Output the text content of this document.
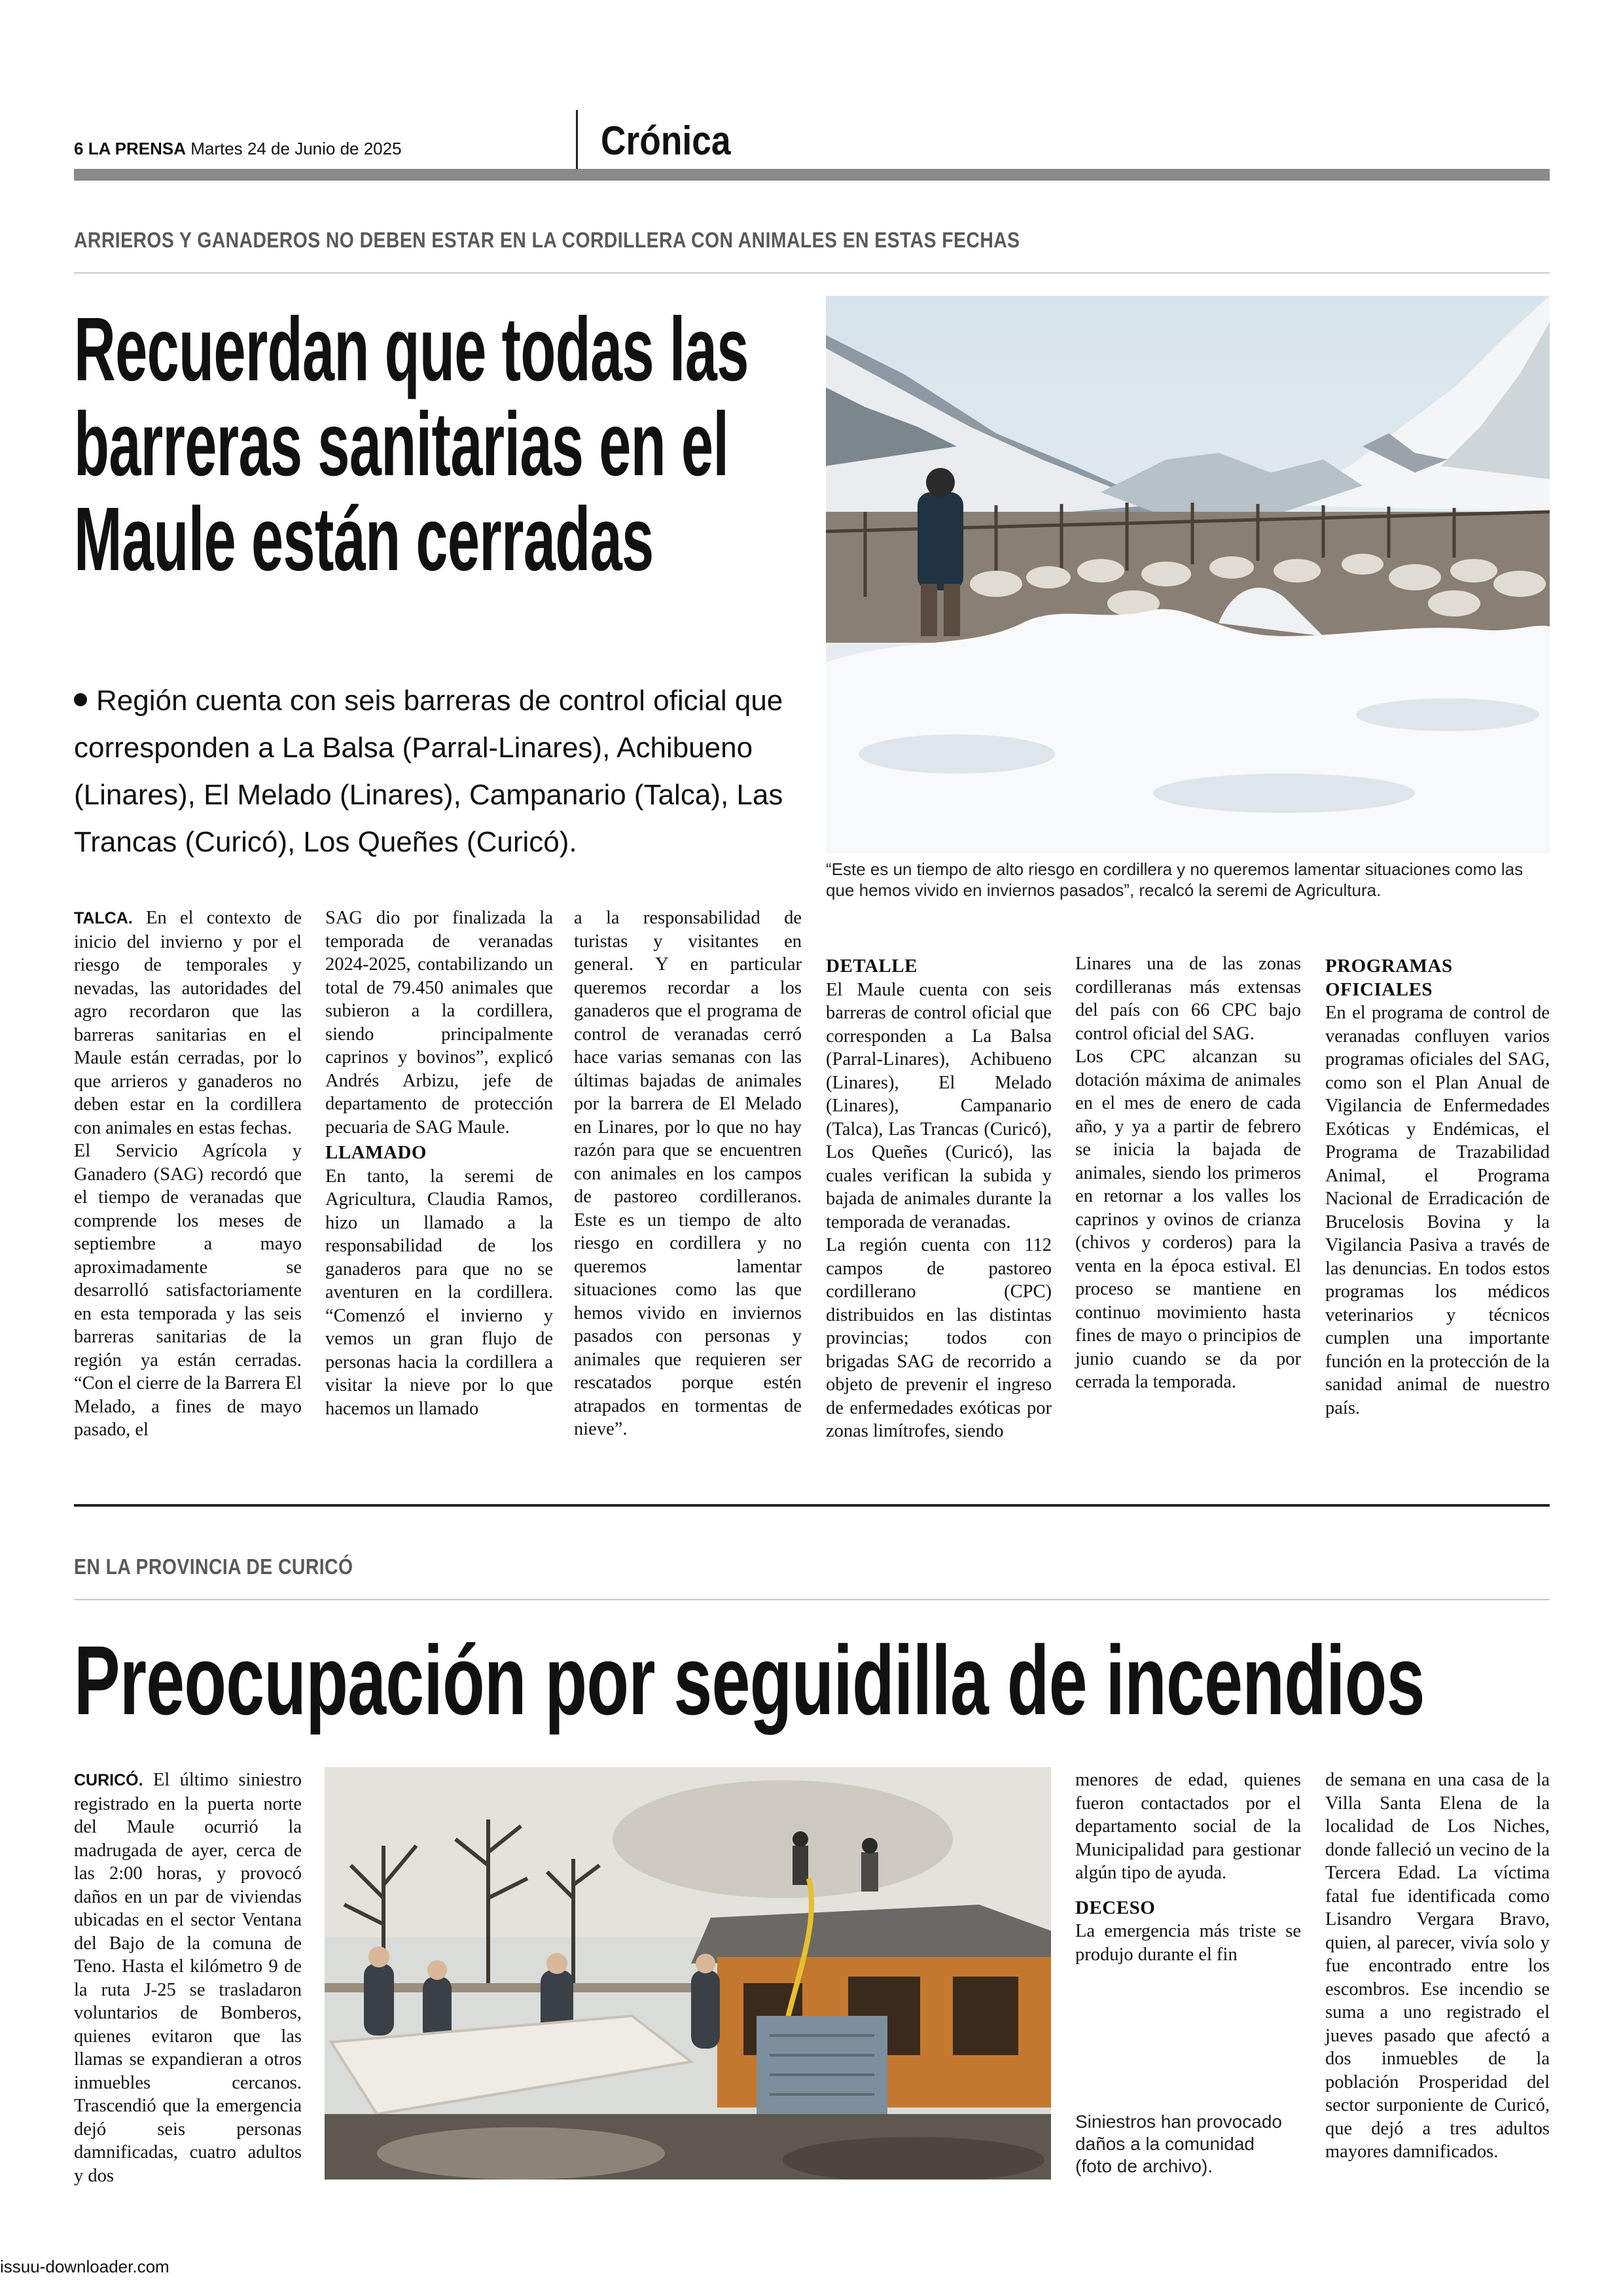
6 LA PRENSA Martes 24 de Junio de 2025	Crónica
ARRIEROS Y GANADEROS NO DEBEN ESTAR EN LA CORDILLERA CON ANIMALES EN ESTAS FECHAS
Recuerdan que todas las
barreras sanitarias en el
Maule están cerradas
Región cuenta con seis barreras de control oficial que corresponden a La Balsa (Parral-Linares), Achibueno (Linares), El Melado (Linares), Campanario (Talca), Las Trancas (Curicó), Los Queñes (Curicó).
“Este es un tiempo de alto riesgo en cordillera y no queremos lamentar situaciones como las que hemos vivido en inviernos pasados”, recalcó la seremi de Agricultura.

TALCA. En el contexto de inicio del invierno y por el riesgo de temporales y nevadas, las autoridades del agro recordaron que las barreras sanitarias en el Maule están cerradas, por lo que arrieros y ganaderos no deben estar en la cordillera con animales en estas fechas.

El Servicio Agrícola y Ganadero (SAG) recordó que el tiempo de veranadas que comprende los meses de septiembre a mayo aproximadamente se desarrolló satisfactoriamente en esta temporada y las seis barreras sanitarias de la región ya están cerradas. “Con el cierre de la Barrera El Melado, a fines de mayo pasado, el

SAG dio por finalizada la temporada de veranadas 2024-2025, contabilizando un total de 79.450 animales que subieron a la cordillera, siendo principalmente caprinos y bovinos”, explicó Andrés Arbizu, jefe de departamento de protección pecuaria de SAG Maule.

LLAMADO

En tanto, la seremi de Agricultura, Claudia Ramos, hizo un llamado a la responsabilidad de los ganaderos para que no se aventuren en la cordillera. “Comenzó el invierno y vemos un gran flujo de personas hacia la cordillera a visitar la nieve por lo que hacemos un llamado

a la responsabilidad de turistas y visitantes en general. Y en particular queremos recordar a los ganaderos que el programa de control de veranadas cerró hace varias semanas con las últimas bajadas de animales por la barrera de El Melado en Linares, por lo que no hay razón para que se encuentren con animales en los campos de pastoreo cordilleranos. Este es un tiempo de alto riesgo en cordillera y no queremos lamentar situaciones como las que hemos vivido en inviernos pasados con personas y animales que requieren ser rescatados porque estén atrapados en tormentas de nieve”.

DETALLE

El Maule cuenta con seis barreras de control oficial que corresponden a La Balsa (Parral-Linares), Achibueno (Linares), El Melado (Linares), Campanario (Talca), Las Trancas (Curicó), Los Queñes (Curicó), las cuales verifican la subida y bajada de animales durante la temporada de veranadas.

La región cuenta con 112 campos de pastoreo cordillerano (CPC) distribuidos en las distintas provincias; todos con brigadas SAG de recorrido a objeto de prevenir el ingreso de enfermedades exóticas por zonas limítrofes, siendo

Linares una de las zonas cordilleranas más extensas del país con 66 CPC bajo control oficial del SAG.

Los CPC alcanzan su dotación máxima de animales en el mes de enero de cada año, y ya a partir de febrero se inicia la bajada de animales, siendo los primeros en retornar a los valles los caprinos y ovinos de crianza (chivos y corderos) para la venta en la época estival. El proceso se mantiene en continuo movimiento hasta fines de mayo o principios de junio cuando se da por cerrada la temporada.

PROGRAMAS OFICIALES

En el programa de control de veranadas confluyen varios programas oficiales del SAG, como son el Plan Anual de Vigilancia de Enfermedades Exóticas y Endémicas, el Programa de Trazabilidad Animal, el Programa Nacional de Erradicación de Brucelosis Bovina y la Vigilancia Pasiva a través de las denuncias. En todos estos programas los médicos veterinarios y técnicos cumplen una importante función en la protección de la sanidad animal de nuestro país.

EN LA PROVINCIA DE CURICÓ
Preocupación por seguidilla de incendios

CURICÓ. El último siniestro registrado en la puerta norte del Maule ocurrió la madrugada de ayer, cerca de las 2:00 horas, y provocó daños en un par de viviendas ubicadas en el sector Ventana del Bajo de la comuna de Teno. Hasta el kilómetro 9 de la ruta J-25 se trasladaron voluntarios de Bomberos, quienes evitaron que las llamas se expandieran a otros inmuebles cercanos. Trascendió que la emergencia dejó seis personas damnificadas, cuatro adultos y dos

menores de edad, quienes fueron contactados por el departamento social de la Municipalidad para gestionar algún tipo de ayuda.

DECESO

La emergencia más triste se produjo durante el fin

Siniestros han provocado daños a la comunidad (foto de archivo).

de semana en una casa de la Villa Santa Elena de la localidad de Los Niches, donde falleció un vecino de la Tercera Edad. La víctima fatal fue identificada como Lisandro Vergara Bravo, quien, al parecer, vivía solo y fue encontrado entre los escombros. Ese incendio se suma a uno registrado el jueves pasado que afectó a dos inmuebles de la población Prosperidad del sector surponiente de Curicó, que dejó a tres adultos mayores damnificados.

issuu-downloader.com
